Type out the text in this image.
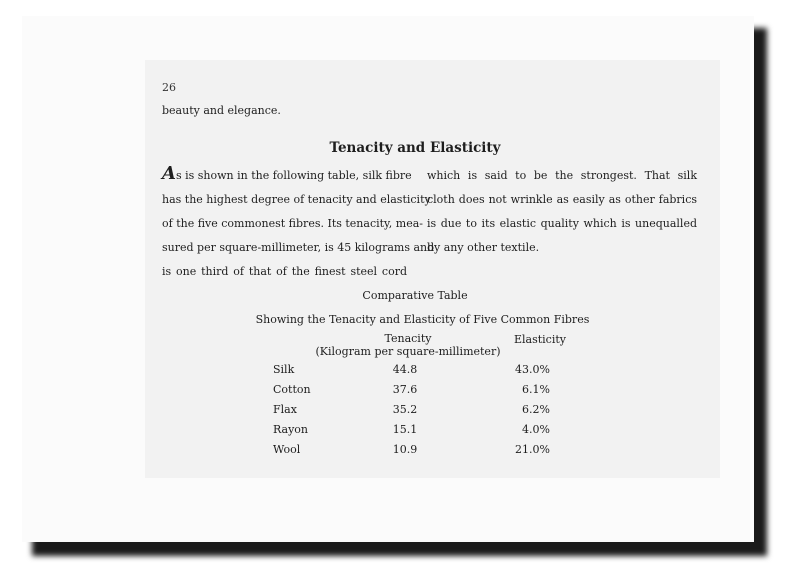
26
beauty and elegance.
Tenacity and Elasticity
As is shown in the following table, silk fibre
has the highest degree of tenacity and elasticity
of the five commonest fibres. Its tenacity, mea-
sured per square-millimeter, is 45 kilograms and
is one third of that of the finest steel cord
which is said to be the strongest. That silk
cloth does not wrinkle as easily as other fabrics
is due to its elastic quality which is unequalled
by any other textile.
Comparative Table
Showing the Tenacity and Elasticity of Five Common Fibres
Tenacity
(Kilogram per square-millimeter)
Elasticity
Silk	44.8	43.0%
Cotton	37.6	6.1%
Flax	35.2	6.2%
Rayon	15.1	4.0%
Wool	10.9	21.0%
